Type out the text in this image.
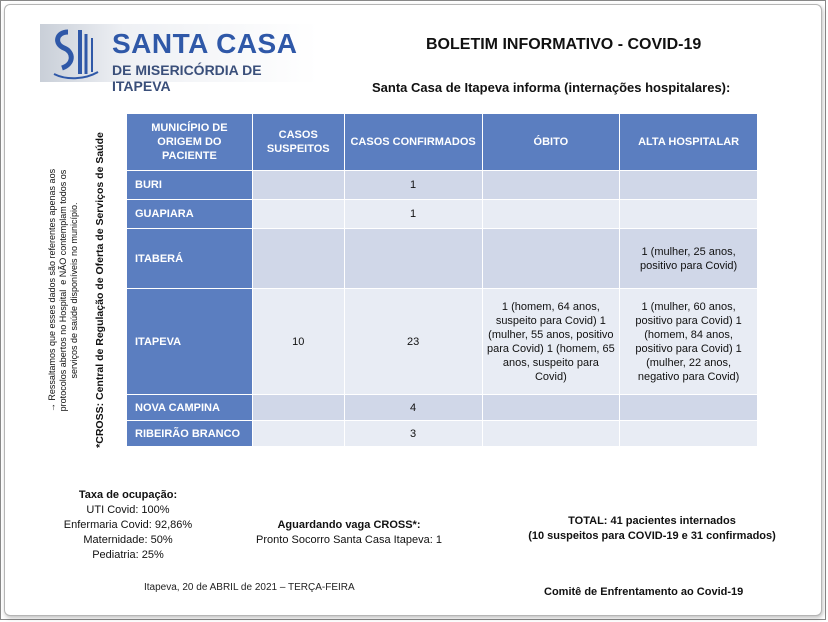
SANTA CASA
DE MISERICÓRDIA DE ITAPEVA
BOLETIM INFORMATIVO - COVID-19
Santa Casa de Itapeva informa (internações hospitalares):
→ Ressaltamos que esses dados são referentes apenas aos
protocolos abertos no Hospital  e NÃO contemplam todos os
serviços de saúde disponíveis no município. *CROSS: Central de Regulação de Oferta de Serviços de Saúde
MUNICÍPIO DE ORIGEM DO PACIENTE	CASOS SUSPEITOS	CASOS CONFIRMADOS	ÓBITO	ALTA HOSPITALAR
BURI		1		
GUAPIARA		1		
ITABERÁ				1 (mulher, 25 anos, positivo para Covid)
ITAPEVA	10	23	1 (homem, 64 anos, suspeito para Covid) 1 (mulher, 55 anos, positivo para Covid) 1 (homem, 65 anos, suspeito para Covid)	1 (mulher, 60 anos, positivo para Covid) 1 (homem, 84 anos, positivo para Covid) 1 (mulher, 22 anos, negativo para Covid)
NOVA CAMPINA		4		
RIBEIRÃO BRANCO		3		
Taxa de ocupação:
UTI Covid: 100%
Enfermaria Covid: 92,86%
Maternidade: 50%
Pediatria: 25%
Aguardando vaga CROSS*:
Pronto Socorro Santa Casa Itapeva: 1
TOTAL: 41 pacientes internados
(10 suspeitos para COVID-19 e 31 confirmados)
Itapeva, 20 de ABRIL de 2021 – TERÇA-FEIRA	Comitê de Enfrentamento ao Covid-19
